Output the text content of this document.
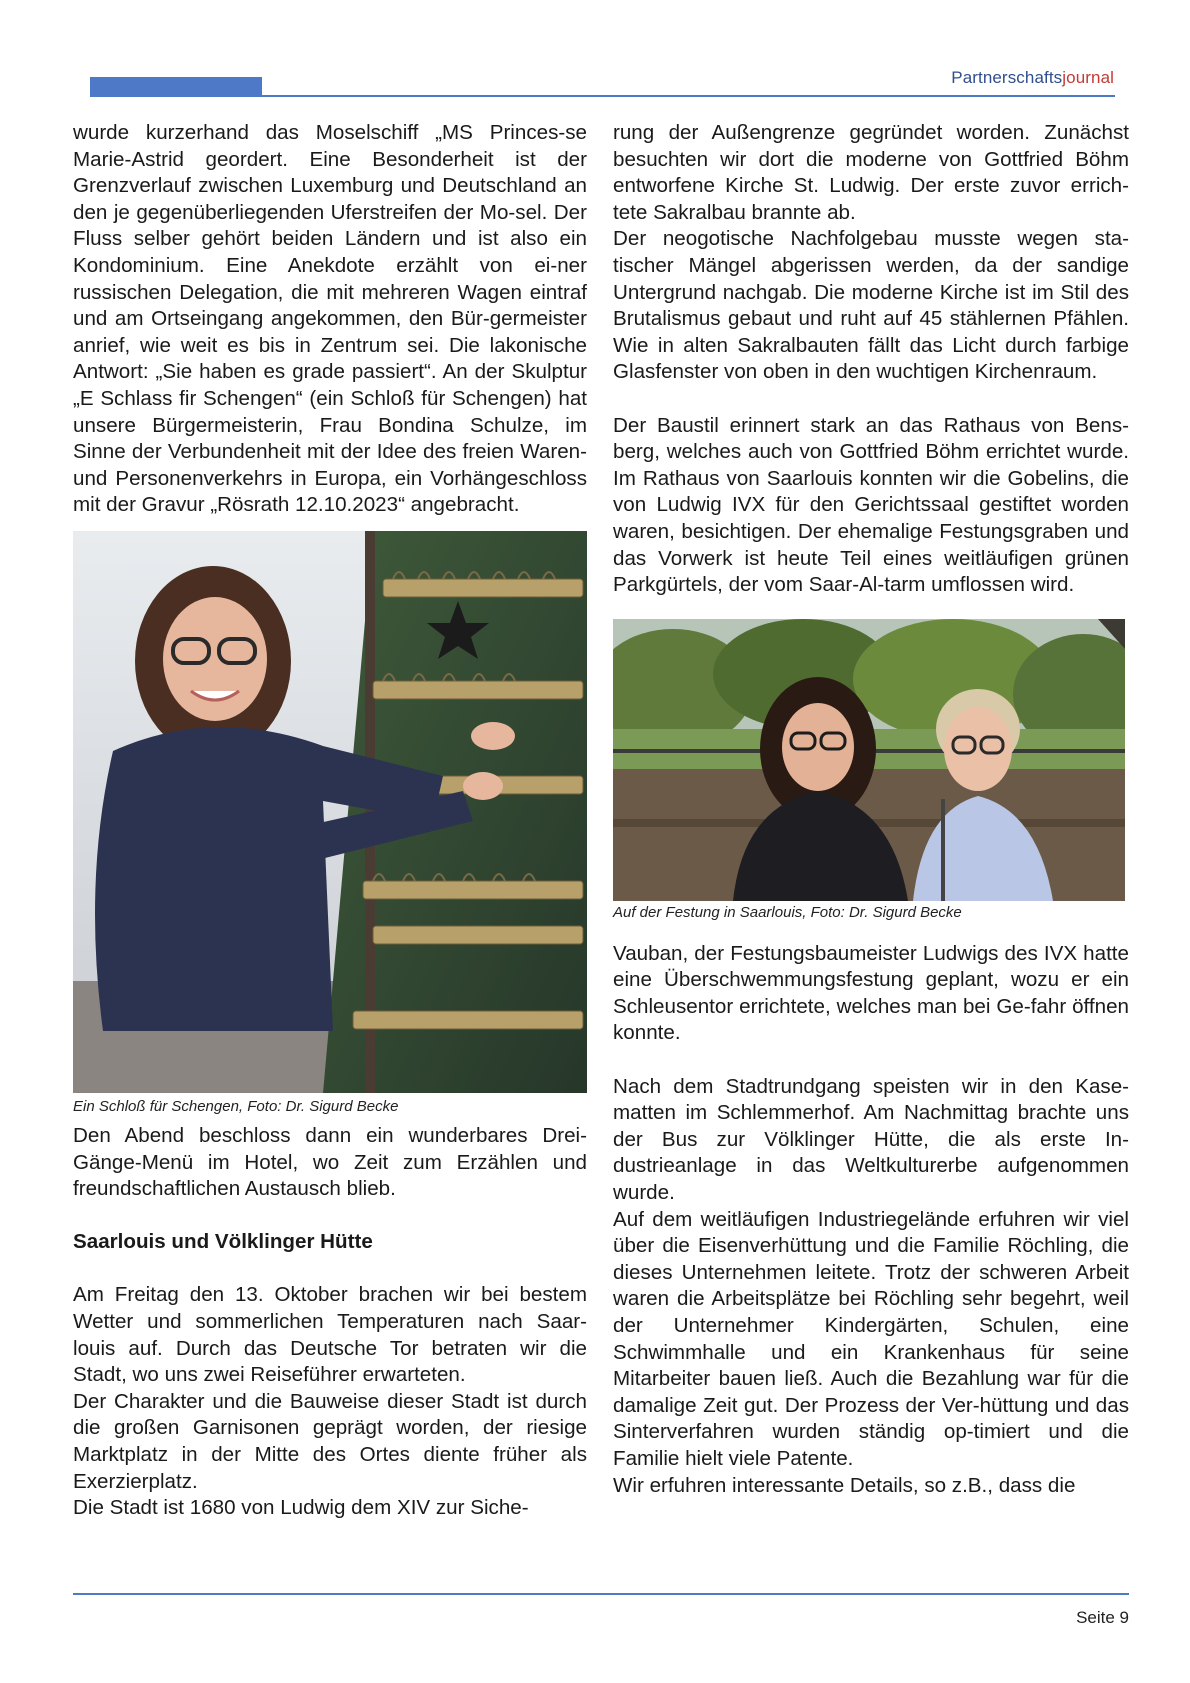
Partnerschaftsjournal

wurde kurzerhand das Moselschiff „MS Princes-se Marie-Astrid geordert. Eine Besonderheit ist der Grenzverlauf zwischen Luxemburg und Deutschland an den je gegenüberliegenden Uferstreifen der Mo-sel. Der Fluss selber gehört beiden Ländern und ist also ein Kondominium. Eine Anekdote erzählt von ei-ner russischen Delegation, die mit mehreren Wagen eintraf und am Ortseingang angekommen, den Bür-germeister anrief, wie weit es bis in Zentrum sei. Die lakonische Antwort: „Sie haben es grade passiert“. An der Skulptur „E Schlass fir Schengen“ (ein Schloß für Schengen) hat unsere Bürgermeisterin, Frau Bondina Schulze, im Sinne der Verbundenheit mit der Idee des freien Waren- und Personenverkehrs in Europa, ein Vorhängeschloss mit der Gravur „Rösrath 12.10.2023“ angebracht.

Ein Schloß für Schengen, Foto: Dr. Sigurd Becke

Den Abend beschloss dann ein wunderbares Drei-Gänge-Menü im Hotel, wo Zeit zum Erzählen und freundschaftlichen Austausch blieb.

Saarlouis und Völklinger Hütte

Am Freitag den 13. Oktober brachen wir bei bestem Wetter und sommerlichen Temperaturen nach Saar-louis auf. Durch das Deutsche Tor betraten wir die Stadt, wo uns zwei Reiseführer erwarteten.

Der Charakter und die Bauweise dieser Stadt ist durch die großen Garnisonen geprägt worden, der riesige Marktplatz in der Mitte des Ortes diente früher als Exerzierplatz.

Die Stadt ist 1680 von Ludwig dem XIV zur Siche-

rung der Außengrenze gegründet worden. Zunächst besuchten wir dort die moderne von Gottfried Böhm entworfene Kirche St. Ludwig. Der erste zuvor errich-tete Sakralbau brannte ab.

Der neogotische Nachfolgebau musste wegen sta-tischer Mängel abgerissen werden, da der sandige Untergrund nachgab. Die moderne Kirche ist im Stil des Brutalismus gebaut und ruht auf 45 stählernen Pfählen. Wie in alten Sakralbauten fällt das Licht durch farbige Glasfenster von oben in den wuchtigen Kirchenraum.

Der Baustil erinnert stark an das Rathaus von Bens-berg, welches auch von Gottfried Böhm errichtet wurde. Im Rathaus von Saarlouis konnten wir die Gobelins, die von Ludwig IVX für den Gerichtssaal gestiftet worden waren, besichtigen. Der ehemalige Festungsgraben und das Vorwerk ist heute Teil eines weitläufigen grünen Parkgürtels, der vom Saar-Al-tarm umflossen wird.

Auf der Festung in Saarlouis, Foto: Dr. Sigurd Becke

Vauban, der Festungsbaumeister Ludwigs des IVX hatte eine Überschwemmungsfestung geplant, wozu er ein Schleusentor errichtete, welches man bei Ge-fahr öffnen konnte.

Nach dem Stadtrundgang speisten wir in den Kase-matten im Schlemmerhof. Am Nachmittag brachte uns der Bus zur Völklinger Hütte, die als erste In-dustrieanlage in das Weltkulturerbe aufgenommen wurde.

Auf dem weitläufigen Industriegelände erfuhren wir viel über die Eisenverhüttung und die Familie Röchling, die dieses Unternehmen leitete. Trotz der schweren Arbeit waren die Arbeitsplätze bei Röchling sehr begehrt, weil der Unternehmer Kindergärten, Schulen, eine Schwimmhalle und ein Krankenhaus für seine Mitarbeiter bauen ließ. Auch die Bezahlung war für die damalige Zeit gut. Der Prozess der Ver-hüttung und das Sinterverfahren wurden ständig op-timiert und die Familie hielt viele Patente.

Wir erfuhren interessante Details, so z.B., dass die

Seite 9
